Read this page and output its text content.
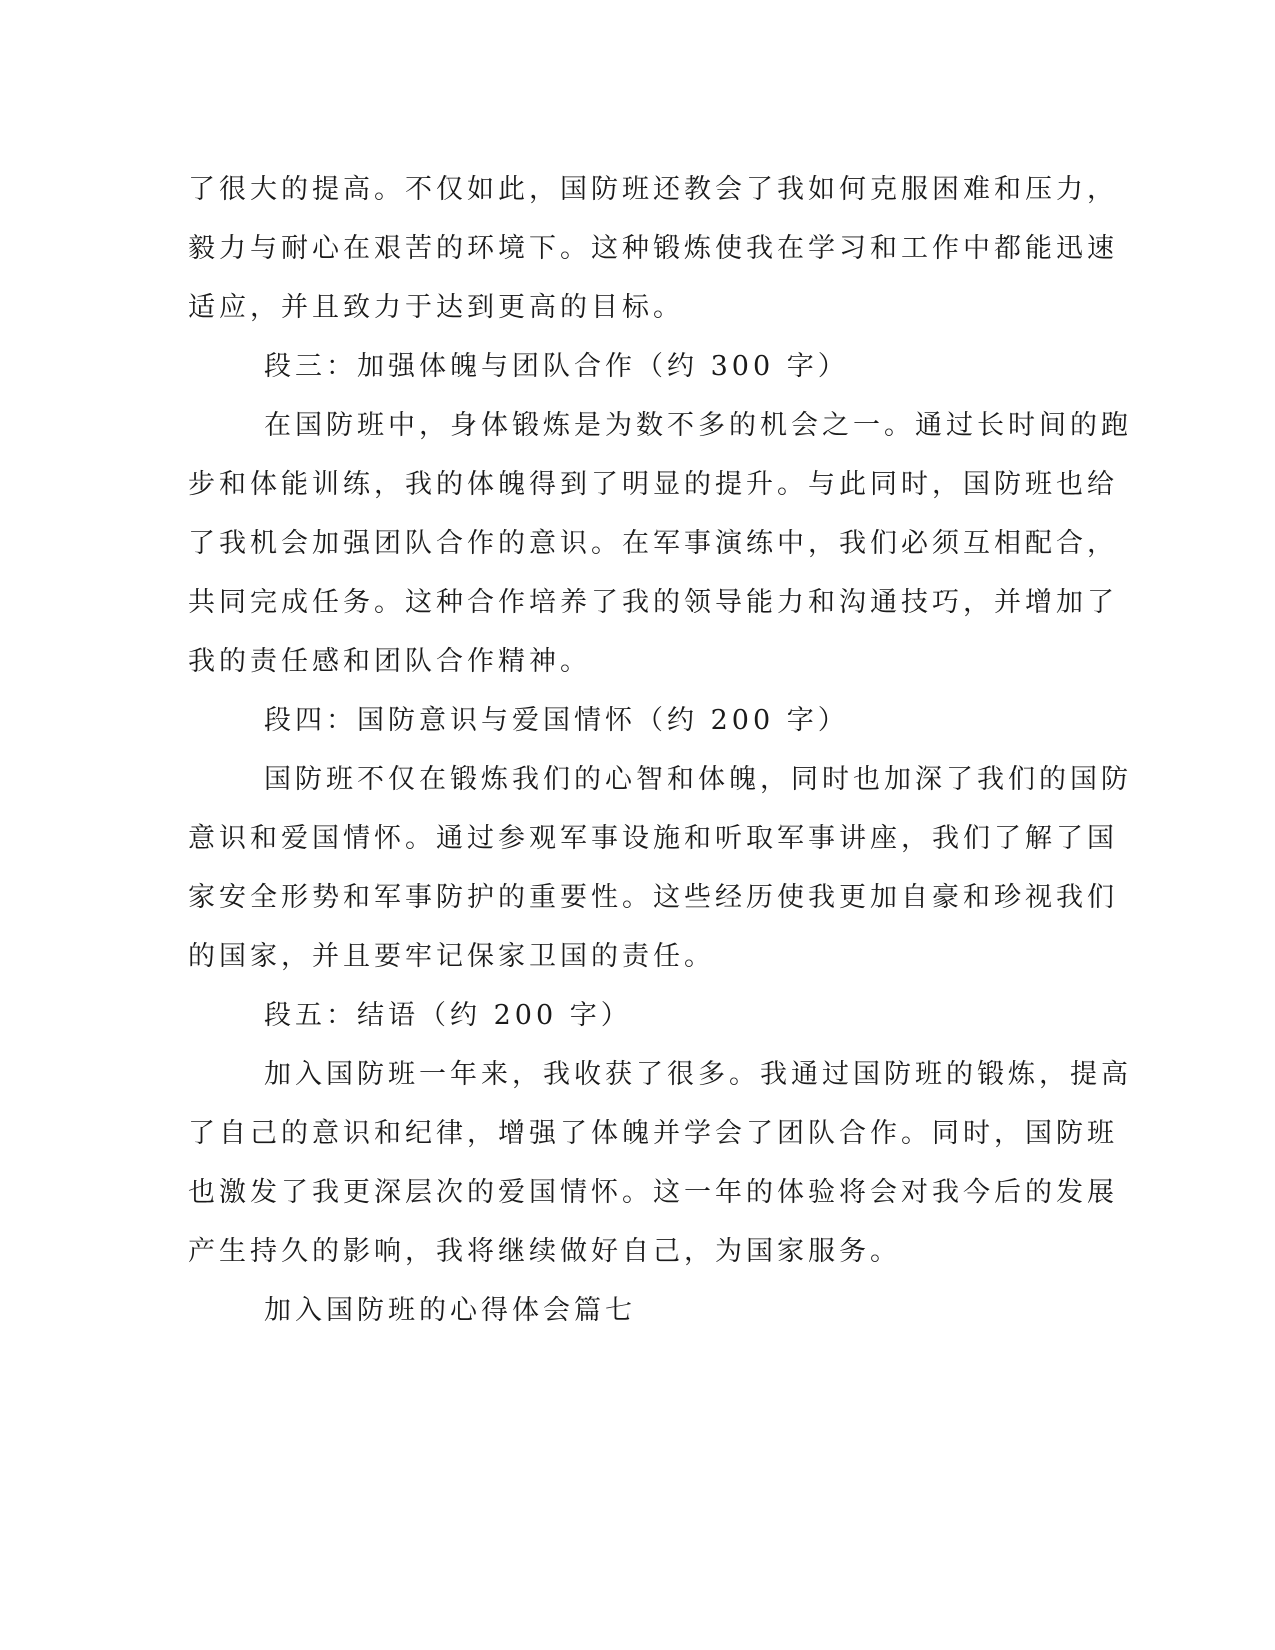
了很大的提高。不仅如此，国防班还教会了我如何克服困难和压力，
毅力与耐心在艰苦的环境下。这种锻炼使我在学习和工作中都能迅速
适应，并且致力于达到更高的目标。
段三：加强体魄与团队合作（约 300 字）
在国防班中，身体锻炼是为数不多的机会之一。通过长时间的跑
步和体能训练，我的体魄得到了明显的提升。与此同时，国防班也给
了我机会加强团队合作的意识。在军事演练中，我们必须互相配合，
共同完成任务。这种合作培养了我的领导能力和沟通技巧，并增加了
我的责任感和团队合作精神。
段四：国防意识与爱国情怀（约 200 字）
国防班不仅在锻炼我们的心智和体魄，同时也加深了我们的国防
意识和爱国情怀。通过参观军事设施和听取军事讲座，我们了解了国
家安全形势和军事防护的重要性。这些经历使我更加自豪和珍视我们
的国家，并且要牢记保家卫国的责任。
段五：结语（约 200 字）
加入国防班一年来，我收获了很多。我通过国防班的锻炼，提高
了自己的意识和纪律，增强了体魄并学会了团队合作。同时，国防班
也激发了我更深层次的爱国情怀。这一年的体验将会对我今后的发展
产生持久的影响，我将继续做好自己，为国家服务。
加入国防班的心得体会篇七
